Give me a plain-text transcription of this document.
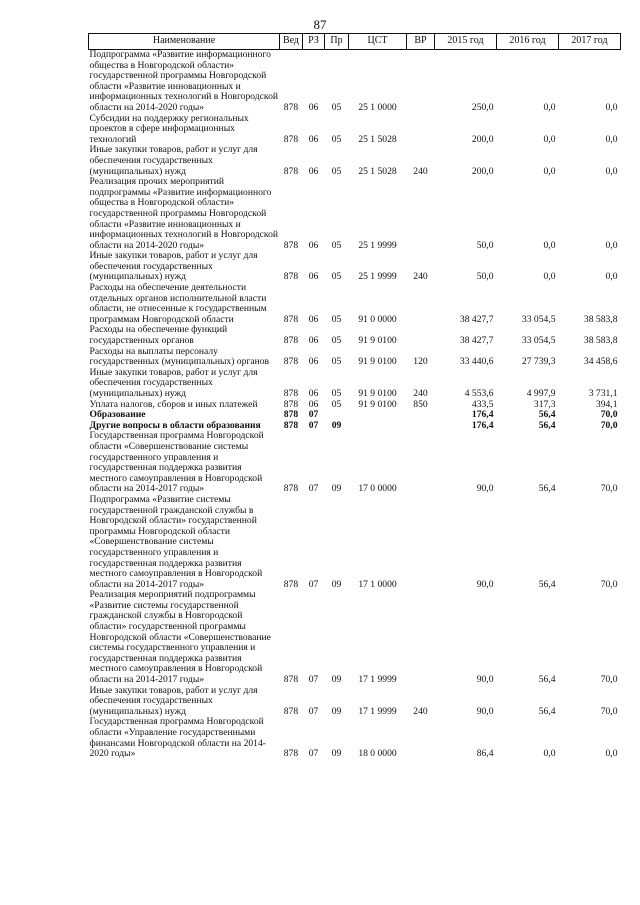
87
Наименование	Вед	РЗ	Пр	ЦСТ	ВР	2015 год	2016 год	2017 год
Подпрограмма «Развитие информационного общества в Новгородской области» государственной программы Новгородской области «Развитие инновационных и информационных технологий в Новгородской области на 2014-2020 годы»	878	06	05	25 1 0000		250,0	0,0	0,0
Субсидии на поддержку региональных проектов в сфере информационных технологий	878	06	05	25 1 5028		200,0	0,0	0,0
Иные закупки товаров, работ и услуг для обеспечения государственных (муниципальных) нужд	878	06	05	25 1 5028	240	200,0	0,0	0,0
Реализация прочих мероприятий подпрограммы «Развитие информационного общества в Новгородской области» государственной программы Новгородской области «Развитие инновационных и информационных технологий в Новгородской области на 2014-2020 годы»	878	06	05	25 1 9999		50,0	0,0	0,0
Иные закупки товаров, работ и услуг для обеспечения государственных (муниципальных) нужд	878	06	05	25 1 9999	240	50,0	0,0	0,0
Расходы на обеспечение деятельности отдельных органов исполнительной власти области, не отнесенные к государственным программам Новгородской области	878	06	05	91 0 0000		38 427,7	33 054,5	38 583,8
Расходы на обеспечение функций государственных органов	878	06	05	91 9 0100		38 427,7	33 054,5	38 583,8
Расходы на выплаты персоналу государственных (муниципальных) органов	878	06	05	91 9 0100	120	33 440,6	27 739,3	34 458,6
Иные закупки товаров, работ и услуг для обеспечения государственных (муниципальных) нужд	878	06	05	91 9 0100	240	4 553,6	4 997,9	3 731,1
Уплата налогов, сборов и иных платежей	878	06	05	91 9 0100	850	433,5	317,3	394,1
Образование	878	07				176,4	56,4	70,0
Другие вопросы в области образования	878	07	09			176,4	56,4	70,0
Государственная программа Новгородской области «Совершенствование системы государственного управления и государственная поддержка развития местного самоуправления в Новгородской области на 2014-2017 годы»	878	07	09	17 0 0000		90,0	56,4	70,0
Подпрограмма «Развитие системы государственной гражданской службы в Новгородской области» государственной программы Новгородской области «Совершенствование системы государственного управления и государственная поддержка развития местного самоуправления в Новгородской области на 2014-2017 годы»	878	07	09	17 1 0000		90,0	56,4	70,0
Реализация мероприятий подпрограммы «Развитие системы государственной гражданской службы в Новгородской области» государственной программы Новгородской области «Совершенствование системы государственного управления и государственная поддержка развития местного самоуправления в Новгородской области на 2014-2017 годы»	878	07	09	17 1 9999		90,0	56,4	70,0
Иные закупки товаров, работ и услуг для обеспечения государственных (муниципальных) нужд	878	07	09	17 1 9999	240	90,0	56,4	70,0
Государственная программа Новгородской области «Управление государственными финансами Новгородской области на 2014-2020 годы»	878	07	09	18 0 0000		86,4	0,0	0,0
